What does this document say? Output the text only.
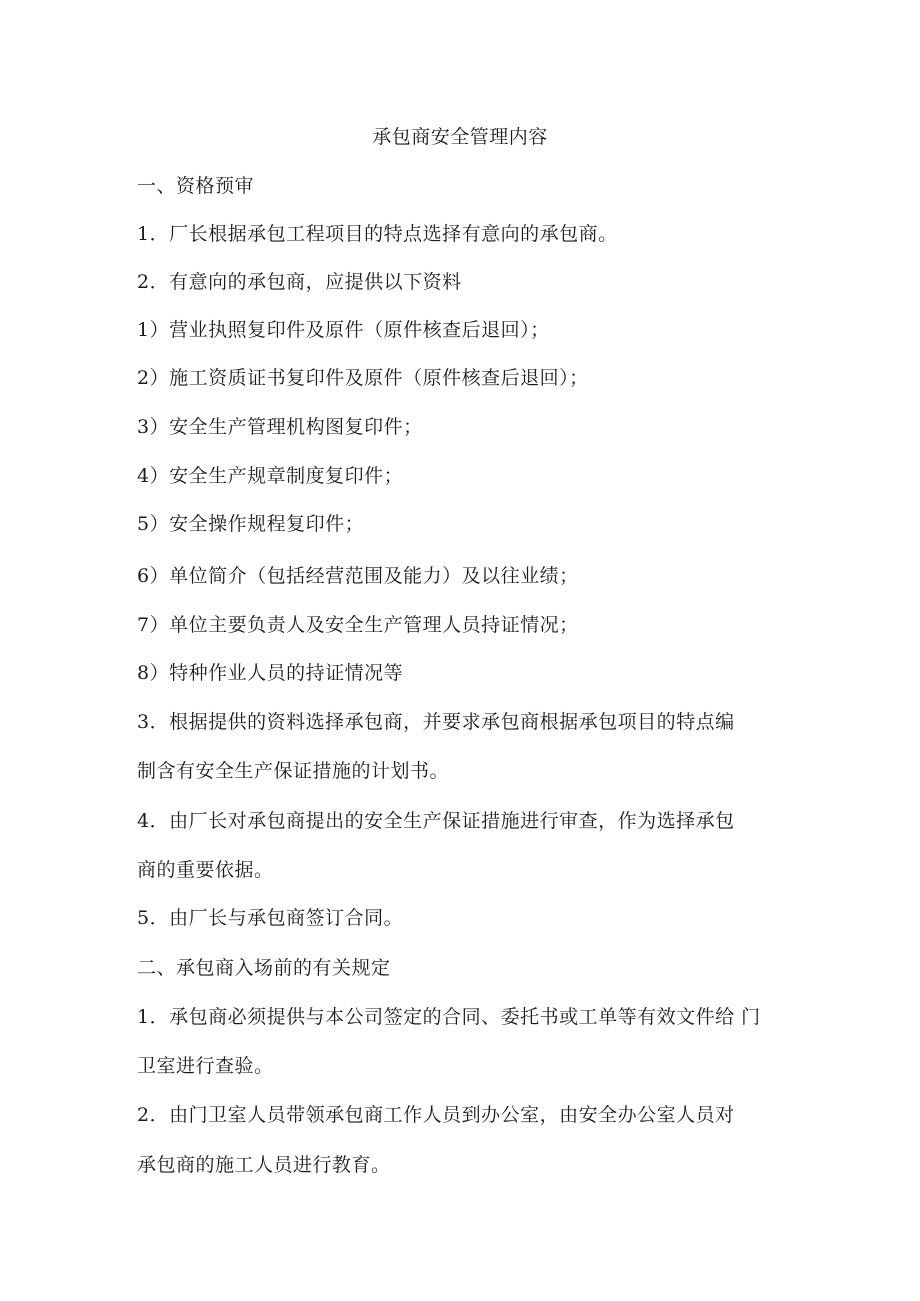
承包商安全管理内容
一、资格预审
1．厂长根据承包工程项目的特点选择有意向的承包商。
2．有意向的承包商，应提供以下资料
1）营业执照复印件及原件（原件核查后退回）；
2）施工资质证书复印件及原件（原件核查后退回）；
3）安全生产管理机构图复印件；
4）安全生产规章制度复印件；
5）安全操作规程复印件；
6）单位简介（包括经营范围及能力）及以往业绩；
7）单位主要负责人及安全生产管理人员持证情况；
8）特种作业人员的持证情况等
3．根据提供的资料选择承包商，并要求承包商根据承包项目的特点编
制含有安全生产保证措施的计划书。
4．由厂长对承包商提出的安全生产保证措施进行审查，作为选择承包
商的重要依据。
5．由厂长与承包商签订合同。
二、承包商入场前的有关规定
1．承包商必须提供与本公司签定的合同、委托书或工单等有效文件给 门
卫室进行查验。
2．由门卫室人员带领承包商工作人员到办公室，由安全办公室人员对
承包商的施工人员进行教育。
